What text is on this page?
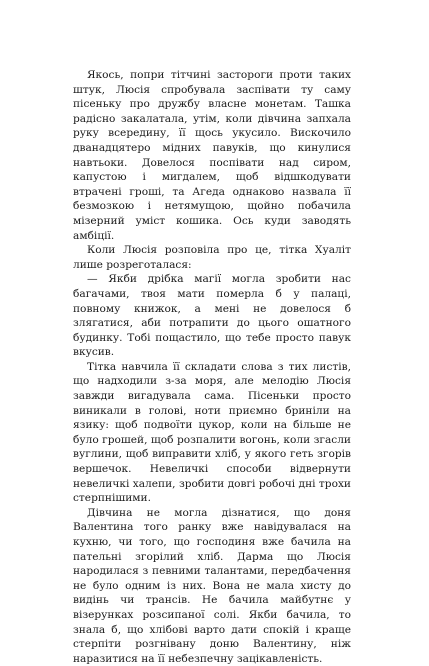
Якось, попри тітчині застороги проти таких штук, Люсія спробувала заспівати ту саму пісеньку про дружбу власне монетам. Ташка радісно закалатала, утім, коли дівчина запхала руку всередину, її щось укусило. Вискочило дванадцятеро мідних павуків, що кинулися навтьоки. Довелося поспівати над сиром, капустою і мигдалем, щоб відшкодувати втрачені гроші, та Агеда однаково назвала її безмозкою і нетямущою, щойно побачила мізерний уміст кошика. Ось куди заводять амбіції.

Коли Люсія розповіла про це, тітка Хуаліт лише розреготалася:

— Якби дрібка магії могла зробити нас багачами, твоя мати померла б у палаці, повному книжок, а мені не довелося б злягатися, аби потрапити до цього ошатного будинку. Тобі пощастило, що тебе просто павук вкусив.

Тітка навчила її складати слова з тих листів, що надходили з-за моря, але мелодію Люсія завжди вигадувала сама. Пісеньки просто виникали в голові, ноти приємно бриніли на язику: щоб подвоїти цукор, коли на більше не було грошей, щоб розпалити вогонь, коли згасли вуглини, щоб виправити хліб, у якого геть згорів вершечок. Невеличкі способи відвернути невеличкі халепи, зробити довгі робочі дні трохи стерпнішими.

Дівчина не могла дізнатися, що доня Валентина того ранку вже навідувалася на кухню, чи того, що господиня вже бачила на пательні згорілий хліб. Дарма що Люсія народилася з певними талантами, передбачення не було одним із них. Вона не мала хисту до видінь чи трансів. Не бачила майбутнє у візерунках розсипаної солі. Якби бачила, то знала б, що хлібові варто дати спокій і краще стерпіти розгнівану доню Валентину, ніж наразитися на її небезпечну зацікавленість.
